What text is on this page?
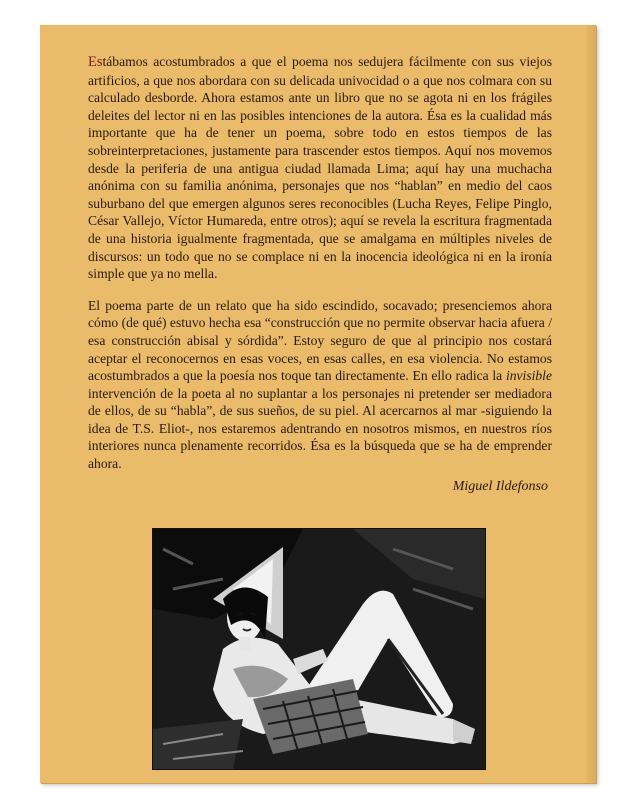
Estábamos acostumbrados a que el poema nos sedujera fácilmente con sus viejos artificios, a que nos abordara con su delicada univocidad o a que nos colmara con su calculado desborde. Ahora estamos ante un libro que no se agota ni en los frágiles deleites del lector ni en las posibles intenciones de la autora. Ésa es la cualidad más importante que ha de tener un poema, sobre todo en estos tiempos de las sobreinterpretaciones, justamente para trascender estos tiempos. Aquí nos movemos desde la periferia de una antigua ciudad llamada Lima; aquí hay una muchacha anónima con su familia anónima, personajes que nos “hablan” en medio del caos suburbano del que emergen algunos seres reconocibles (Lucha Reyes, Felipe Pinglo, César Vallejo, Víctor Humareda, entre otros); aquí se revela la escritura fragmentada de una historia igualmente fragmentada, que se amalgama en múltiples niveles de discursos: un todo que no se complace ni en la inocencia ideológica ni en la ironía simple que ya no mella.

El poema parte de un relato que ha sido escindido, socavado; presenciemos ahora cómo (de qué) estuvo hecha esa “construcción que no permite observar hacia afuera / esa construcción abisal y sórdida”. Estoy seguro de que al principio nos costará aceptar el reconocernos en esas voces, en esas calles, en esa violencia. No estamos acostumbrados a que la poesía nos toque tan directamente. En ello radica la invisible intervención de la poeta al no suplantar a los personajes ni pretender ser mediadora de ellos, de su “habla”, de sus sueños, de su piel. Al acercarnos al mar -siguiendo la idea de T.S. Eliot-, nos estaremos adentrando en nosotros mismos, en nuestros ríos interiores nunca plenamente recorridos. Ésa es la búsqueda que se ha de emprender ahora.

Miguel Ildefonso
